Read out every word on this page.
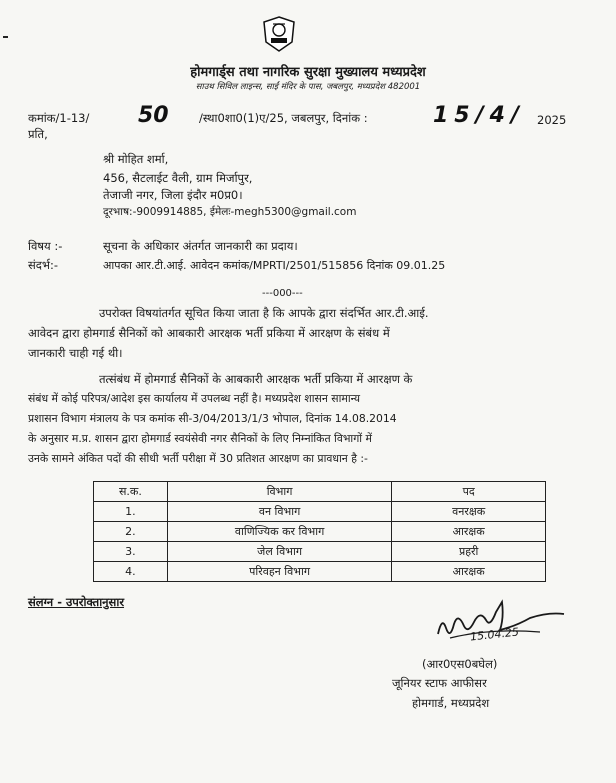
होमगार्ड्स तथा नागरिक सुरक्षा मुख्यालय मध्यप्रदेश
साउथ सिविल लाइन्स, साईं मंदिर के पास, जबलपुर, मध्यप्रदेश 482001
कमांक/1-13/ 50	/स्था0शा0(1)ए/25, जबलपुर, दिनांक :	15/4/ 2025
प्रति,
श्री मोहित शर्मा,
456, सैटलाईट वैली, ग्राम मिर्जापुर,
तेजाजी नगर, जिला इंदौर म0प्र0।
दूरभाष:-9009914885, ईमेलः-megh5300@gmail.com
विषय :-	सूचना के अधिकार अंतर्गत जानकारी का प्रदाय।
संदर्भ:-	आपका आर.टी.आई. आवेदन कमांक/MPRTI/2501/515856 दिनांक 09.01.25
---000---
उपरोक्त विषयांतर्गत सूचित किया जाता है कि आपके द्वारा संदर्भित आर.टी.आई.
आवेदन द्वारा होमगार्ड सैनिकों को आबकारी आरक्षक भर्ती प्रकिया में आरक्षण के संबंध में
जानकारी चाही गई थी।
तत्संबंध में होमगार्ड सैनिकों के आबकारी आरक्षक भर्ती प्रकिया में आरक्षण के
संबंध में कोई परिपत्र/आदेश इस कार्यालय में उपलब्ध नहीं है। मध्यप्रदेश शासन सामान्य
प्रशासन विभाग मंत्रालय के पत्र कमांक सी-3/04/2013/1/3 भोपाल, दिनांक 14.08.2014
के अनुसार म.प्र. शासन द्वारा होमगार्ड स्वयंसेवी नगर सैनिकों के लिए निम्नांकित विभागों में
उनके सामने अंकित पदों की सीधी भर्ती परीक्षा में 30 प्रतिशत आरक्षण का प्रावधान है :-
स.क.	विभाग	पद
1.	वन विभाग	वनरक्षक
2.	वाणिज्यिक कर विभाग	आरक्षक
3.	जेल विभाग	प्रहरी
4.	परिवहन विभाग	आरक्षक
संलग्न - उपरोक्तानुसार
15.04.25
(आर0एस0बघेल)
जूनियर स्टाफ आफीसर
होमगार्ड, मध्यप्रदेश
